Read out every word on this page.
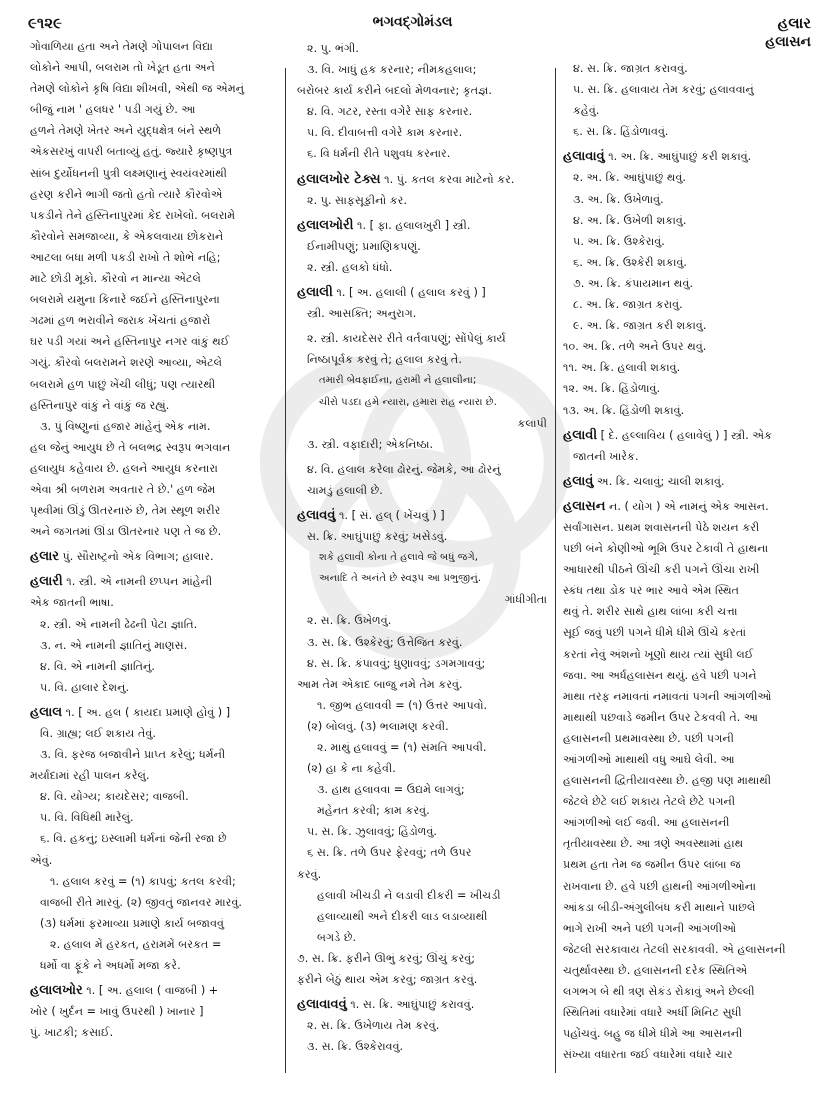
૯૧૨૯	ભગવદ્ગોમંડલ	હલાર
હલાસન
ગોવાળિયા હતા અને તેમણે ગોપાલન વિદ્યા
લોકોને આપી, બલરામ તો ખેડૂત હતા અને
તેમણે લોકોને કૃષિ વિદ્યા શીખવી, એથી જ એમનું
બીજું નામ ' હલધર ' પડી ગયું છે. આ
હળને તેમણે ખેતર અને યુદ્ધક્ષેત્ર બંને સ્થળે
એકસરખું વાપરી બતાવ્યું હતું. જ્યારે કૃષ્ણપુત્ર
સાંબ દુર્યોધનની પુત્રી લક્ષ્મણાનું સ્વયંવરમાંથી
હરણ કરીને ભાગી જતો હતો ત્યારે કૌરવોએ
પકડીને તેને હસ્તિનાપુરમાં કેદ રાખેલો. બલરામે
કૌરવોને સમજાવ્યા, કે એકલવાયા છોકરાને
આટલા બધા મળી પકડી રાખો તે શોભે નહિ;
માટે છોડી મૂકો. કૌરવો ન માન્યા એટલે
બલરામે યમુના કિનારે જઈને હસ્તિનાપુરના
ગઢમાં હળ ભરાવીને જરાક ખેંચતાં હજારો
ઘર પડી ગયાં અને હસ્તિનાપુર નગર વાંકું થઈ
ગયું. કૌરવો બલરામને શરણે આવ્યા, એટલે
બલરામે હળ પાછું ખેંચી લીધું; પણ ત્યારથી
હસ્તિનાપુર વાંકું ને વાંકું જ રહ્યું.
૩. પું વિષ્ણુનાં હજાર માંહેનું એક નામ.
હલ જેનું આયુધ છે તે બલભદ્ર સ્વરૂપ ભગવાન
હલાયુધ કહેવાય છે. હલને આયુધ કરનારા
એવા શ્રી બળરામ અવતાર તે છે.' હળ જેમ
પૃથ્વીમાં ઊંડું ઊતરનારું છે, તેમ સ્થૂળ શરીર
અને જગતમાં ઊંડા ઊતરનાર પણ તે જ છે.
હલાર પું. સૌરાષ્ટ્રનો એક વિભાગ; હાલાર.
હલારી ૧. સ્ત્રી. એ નામની છપ્પન માંહેની
એક જાતની ભાષા.
૨. સ્ત્રી. એ નામની ઢેઢની પેટા જ્ઞાતિ.
૩. ન. એ નામની જ્ઞાતિનું માણસ.
૪. વિ. એ નામની જ્ઞાતિનું.
૫. વિ. હાલાર દેશનું.
હલાલ ૧. [ અ. હલ ( કાયદા પ્રમાણે હોવું ) ]
વિ. ગ્રાહ્ય; લઈ શકાય તેવું.
૩. વિ. ફરજ બજાવીને પ્રાપ્ત કરેલું; ધર્મની
મર્યાદામાં રહી પાલન કરેલું.
૪. વિ. યોગ્ય; કાયદેસર; વાજબી.
૫. વિ. વિધિથી મારેલું.
૬. વિ. હકનું; ઇસ્લામી ધર્મનાં જેની રજા છે
એવું.
૧. હલાલ કરવું = (૧) કાપવું; કતલ કરવી;
વાજબી રીતે મારવું. (૨) જીવતું જાનવર મારવું.
(૩) ધર્મમાં ફરમાવ્યા પ્રમાણે કાર્ય બજાવવું
૨. હલાલ મેં હરકત, હરામમેં બરકત =
ધર્મો વા ફૂંકે ને અધર્મો મજા કરે.
હલાલખોર ૧. [ અ. હલાલ ( વાજબી ) +
ખોર ( ખુર્દન = ખાવું ઉપરથી ) ખાનાર ]
પું. ખાટકી; કસાઈ.
૨. પુ. ભંગી.
૩. વિ. ખાધું હક કરનાર; નીમકહલાલ;
બરોબર કાર્ય કરીને બદલો મેળવનાર; કૃતજ્ઞ.
૪. વિ. ગટર, રસ્તા વગેરે સાફ કરનાર.
૫. વિ. દીવાબત્તી વગેરે કામ કરનાર.
૬. વિ ધર્મની રીતે પશુવધ કરનાર.
હલાલખોર ટેક્સ ૧. પું. કતલ કરવા માટેનો કર.
૨. પુ. સાફસૂફીનો કર.
હલાલખોરી ૧. [ ફા. હલાલખુરી ] સ્ત્રી.
ઈનામીપણું; પ્રમાણિકપણું.
૨. સ્ત્રી. હલકો ધંધો.
હલાલી ૧. [ અ. હલાલી ( હલાલ કરવું ) ]
સ્ત્રી. આસક્તિ; અનુરાગ.
૨. સ્ત્રી. કાયદેસર રીતે વર્તવાપણું; સોંપેલું કાર્ય
નિષ્ઠાપૂર્વક કરવું તે; હલાલ કરવું તે.
તમારી બેવફાઈના, હરામી ને હલાલીના;
ચીરો પડદા હમે ન્યારા, હમારા રાહ ન્યારા છે.
કલાપી
૩. સ્ત્રી. વફાદારી; એકનિષ્ઠા.
૪. વિ. હલાલ કરેલા ઢોરનું. જેમકે, આ ઢોરનું
ચામડું હલાલી છે.
હલાવવું ૧. [ સં. હલ્ ( ખેંચવું ) ]
સ. ક્રિ. આઘુંપાછું કરવું; ખસેડવું.
શકે હલાવી કોના તે હલાવે જે બધું જગે,
અનાદિ તે અનંતે છે સ્વરૂપ આ પ્રભુજીનું.
ગાંધીગીતા
૨. સ. ક્રિ. ઉખેળવું.
૩. સ. ક્રિ. ઉશ્કેરવું; ઉત્તેજિત કરવું.
૪. સ. ક્રિ. કંપાવવું; ધુણાવવું; ડગમગાવવું;
આમ તેમ એકાદ બાજુ નમે તેમ કરવું.
૧. જીભ હલાવવી = (૧) ઉત્તર આપવો.
(૨) બોલવું. (૩) ભલામણ કરવી.
૨. માથું હલાવવું = (૧) સંમતિ આપવી.
(૨) હા કે ના કહેવી.
૩. હાથ હલાવવા = ઉદ્યમે લાગવું;
મહેનત કરવી; કામ કરવું.
૫. સ. ક્રિ. ઝુલાવવું; હિંડોળવું.
૬ સ. ક્રિ. તળે ઉપર ફેરવવું; તળે ઉપર
કરવું.
હલાવી ખીચડી ને લડાવી દીકરી = ખીચડી
હલાવ્યાથી અને દીકરી લાડ લડાવ્યાથી
બગડે છે.
૭. સ. ક્રિ. ફરીને ઊભું કરવું; ઊંચું કરવું;
ફરીને બેઠું થાય એમ કરવું; જાગ્રત કરવું.
હલાવાવવું ૧. સ. ક્રિ. આઘુંપાછું કરાવવું.
૨. સ. ક્રિ. ઉખેળાય તેમ કરવું.
૩. સ. ક્રિ. ઉશ્કેરાવવું.
૪. સ. ક્રિ. જાગ્રત કરાવવું.
૫. સ. ક્રિ. હલાવાય તેમ કરવું; હલાવવાનું
કહેવું.
૬. સ. ક્રિ. હિંડોળાવવું.
હલાવાવું ૧. અ. ક્રિ. આઘુંપાછું કરી શકાવું.
૨. અ. ક્રિ. આઘુંપાછું થવું.
૩. અ. ક્રિ. ઉખેળાવું.
૪. અ. ક્રિ. ઉખેળી શકાવું.
૫. અ. ક્રિ. ઉશ્કેરાવું.
૬. અ. ક્રિ. ઉશ્કેરી શકાવું.
૭. અ. ક્રિ. કંપાયમાન થવું.
૮. અ. ક્રિ. જાગ્રત કરાવું.
૯. અ. ક્રિ. જાગ્રત કરી શકાવું.
૧૦. અ. ક્રિ. તળે અને ઉપર થવું.
૧૧. અ. ક્રિ. હલાવી શકાવું.
૧૨. અ. ક્રિ. હિંડોળાવું.
૧૩. અ. ક્રિ. હિંડોળી શકાવું.
હલાવી [ દે. હલ્લાવિય ( હલાવેલું ) ] સ્ત્રી. એક
જાતની ખારેક.
હલાવું અ. ક્રિ. ચલાવું; ચાલી શકાવું.
હલાસન ન. ( યોગ ) એ નામનું એક આસન.
સર્વાંગાસન. પ્રથમ શવાસનની પેઠે શયન કરી
પછી બંને કોણીઓ ભૂમિ ઉપર ટેકાવી તે હાથના
આધારથી પીઠને ઊંચી કરી પગને ઊંચા રાખી
સ્કંધ તથા ડોક પર ભાર આવે એમ સ્થિત
થવું તે. શરીર સાથે હાથ લાંબા કરી ચત્તા
સૂઈ જવું પછી પગને ધીમે ધીમે ઊંચે કરતાં
કરતાં નેવું અંશનો ખૂણો થાય ત્યાં સુધી લઈ
જવા. આ અર્ધહલાસન થયું. હવે પછી પગને
માથા તરફ નમાવતાં નમાવતાં પગની આંગળીઓ
માથાથી પછવાડે જમીન ઉપર ટેકવવી તે. આ
હલાસનની પ્રથમાવસ્થા છે. પછી પગની
આંગળીઓ માથાથી વધુ આઘે લેવી. આ
હલાસનની દ્વિતીયાવસ્થા છે. હજી પણ માથાથી
જેટલે છેટે લઈ શકાય તેટલે છેટે પગની
આંગળીઓ લઈ જવી. આ હલાસનની
તૃતીયાવસ્થા છે. આ ત્રણે અવસ્થામાં હાથ
પ્રથમ હતા તેમ જ જમીન ઉપર લાંબા જ
રાખવાના છે. હવે પછી હાથની આંગળીઓના
આંકડા બીડી-અંગુલીબંધ કરી માથાને પાછલે
ભાગે રાખી અને પછી પગની આંગળીઓ
જેટલી સરકાવાય તેટલી સરકાવવી. એ હલાસનની
ચતુર્થાવસ્થા છે. હલાસનની દરેક સ્થિતિએ
લગભગ બે થી ત્રણ સેકંડ રોકાવું અને છેલ્લી
સ્થિતિમાં વધારેમાં વધારે અર્ધી મિનિટ સુધી
પહોંચવું. બહુ જ ધીમે ધીમે આ આસનની
સંખ્યા વધારતા જઈ વધારેમાં વધારે ચાર
